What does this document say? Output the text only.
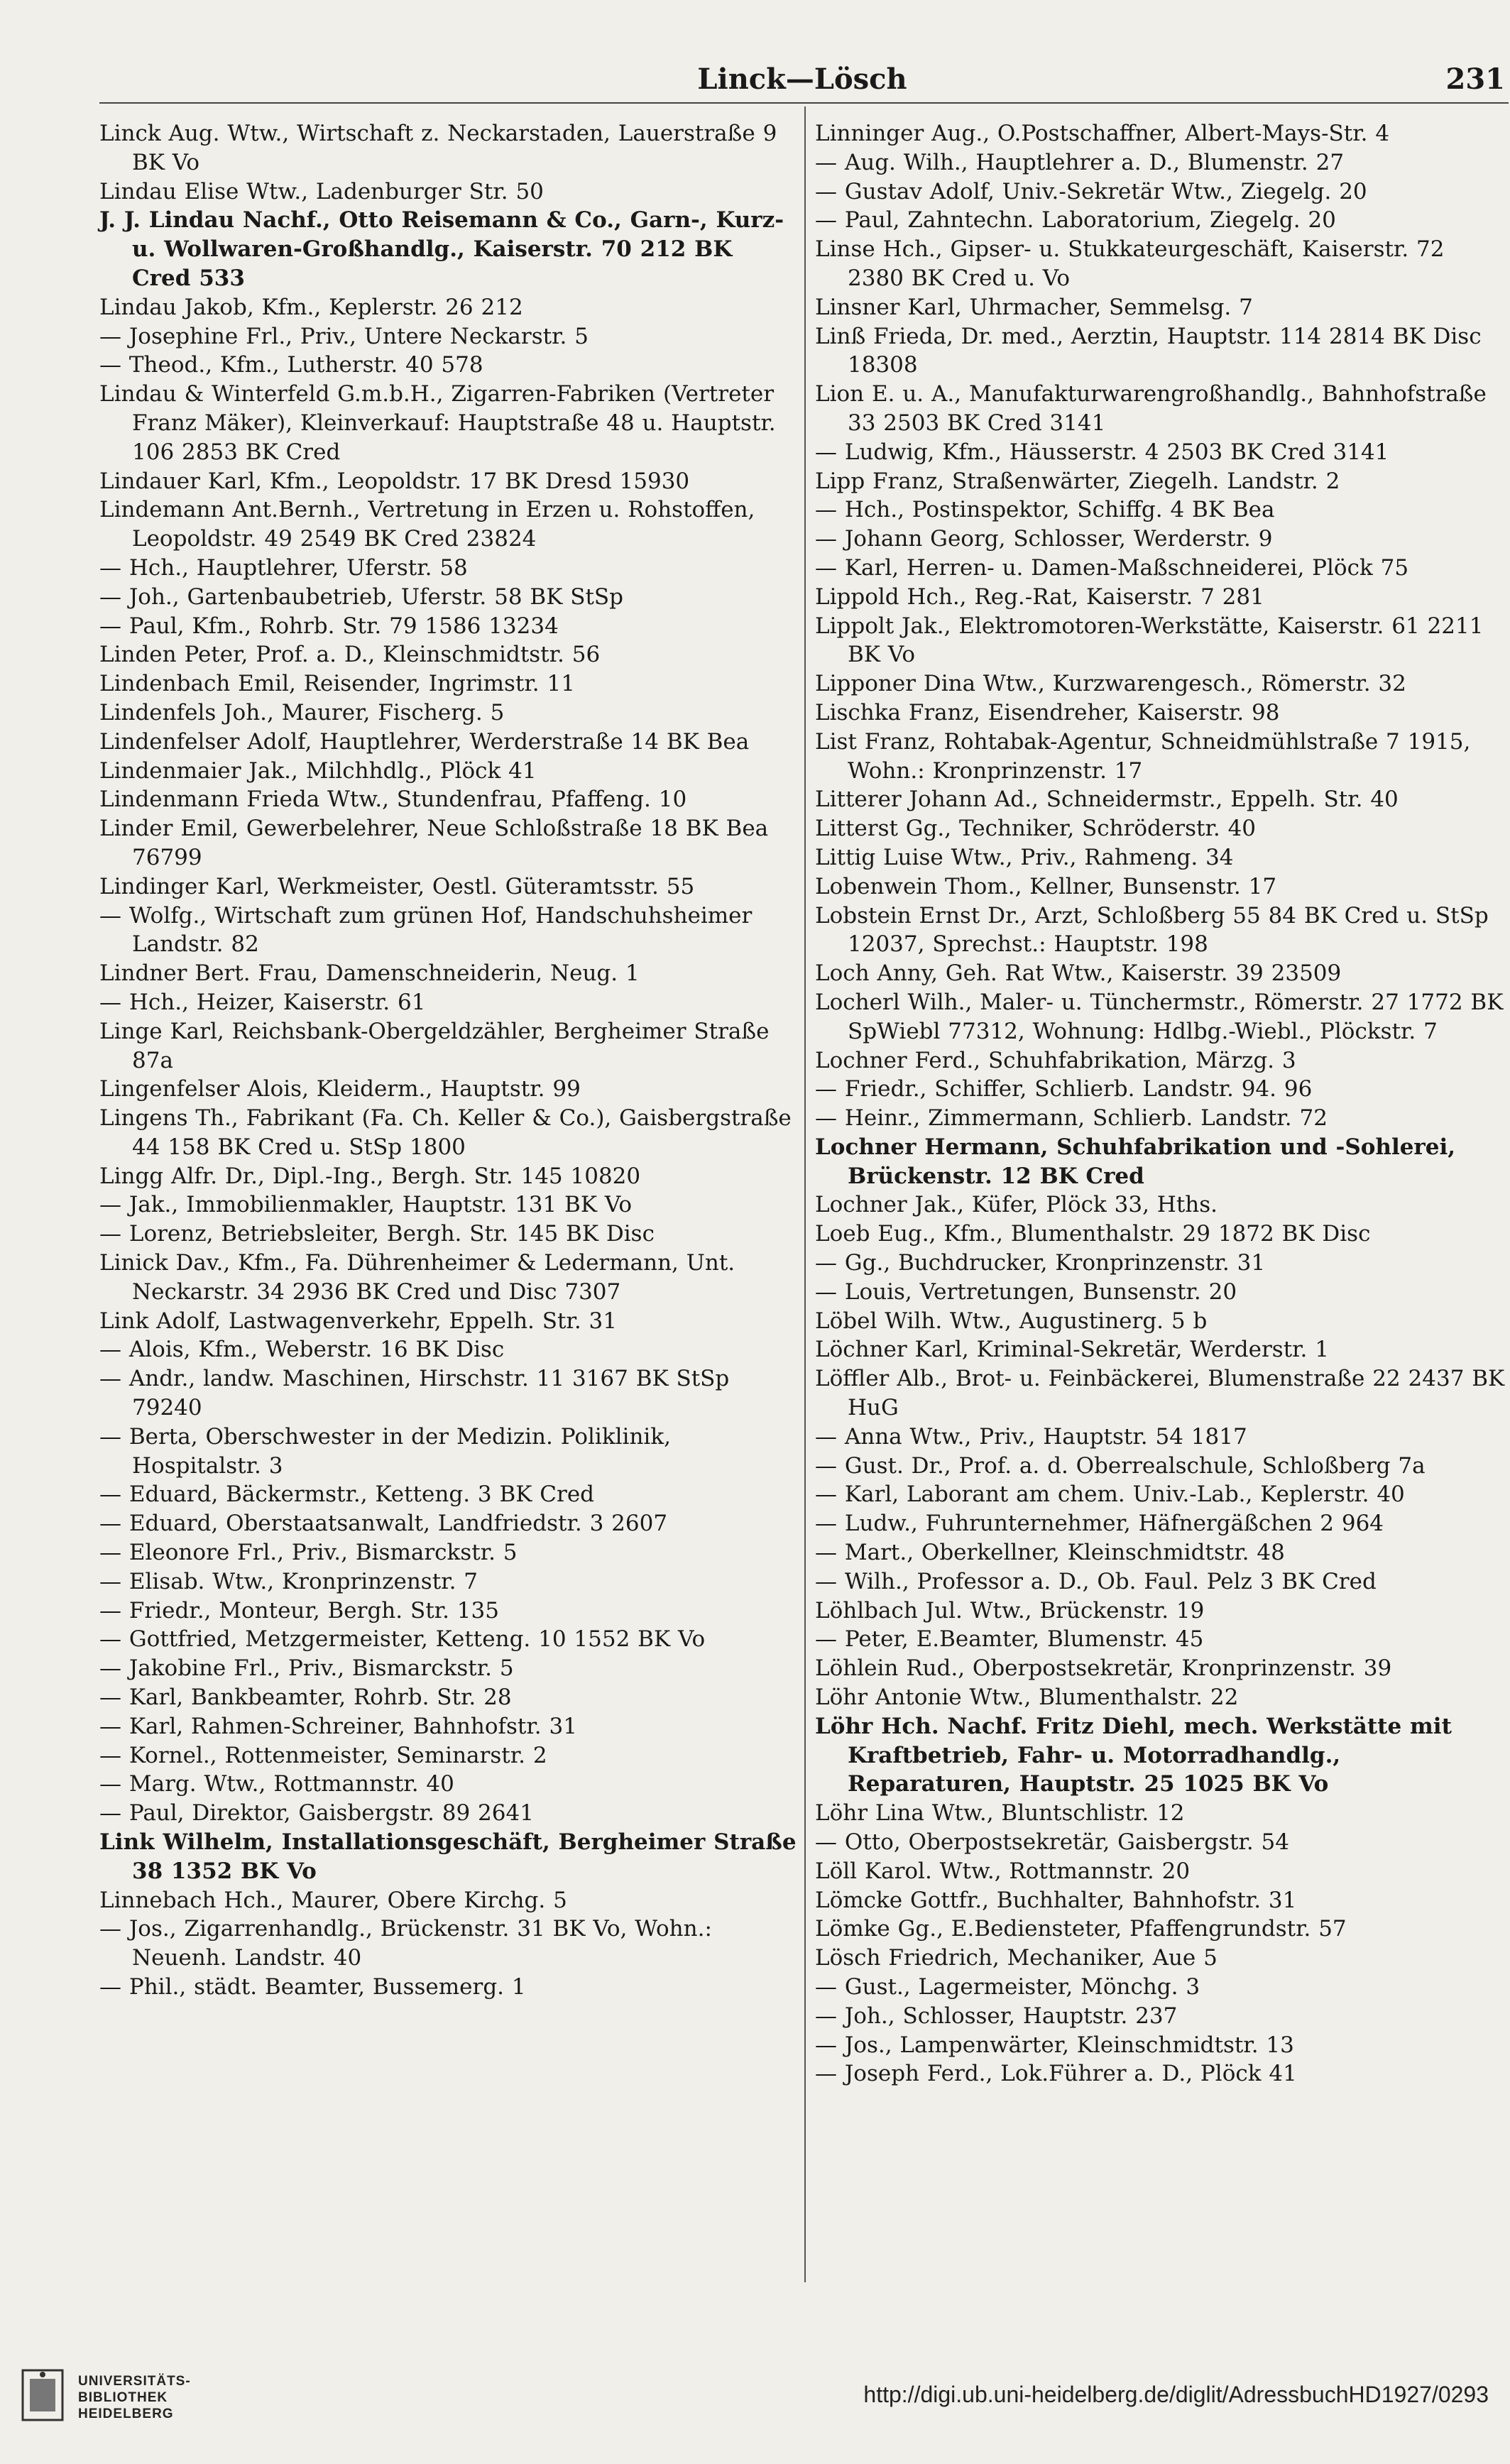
Linck—Lösch	231
Linck Aug. Wtw., Wirtschaft z. Neckarstaden, Lauerstraße 9 BK Vo
Lindau Elise Wtw., Ladenburger Str. 50
J. J. Lindau Nachf., Otto Reisemann & Co., Garn-, Kurz- u. Wollwaren-Großhandlg., Kaiserstr. 70 212 BK Cred 533
Lindau Jakob, Kfm., Keplerstr. 26 212
— Josephine Frl., Priv., Untere Neckarstr. 5
— Theod., Kfm., Lutherstr. 40 578
Lindau & Winterfeld G.m.b.H., Zigarren-Fabriken (Vertreter Franz Mäker), Kleinverkauf: Hauptstraße 48 u. Hauptstr. 106 2853 BK Cred
Lindauer Karl, Kfm., Leopoldstr. 17 BK Dresd 15930
Lindemann Ant.Bernh., Vertretung in Erzen u. Rohstoffen, Leopoldstr. 49 2549 BK Cred 23824
— Hch., Hauptlehrer, Uferstr. 58
— Joh., Gartenbaubetrieb, Uferstr. 58 BK StSp
— Paul, Kfm., Rohrb. Str. 79 1586 13234
Linden Peter, Prof. a. D., Kleinschmidtstr. 56
Lindenbach Emil, Reisender, Ingrimstr. 11
Lindenfels Joh., Maurer, Fischerg. 5
Lindenfelser Adolf, Hauptlehrer, Werderstraße 14 BK Bea
Lindenmaier Jak., Milchhdlg., Plöck 41
Lindenmann Frieda Wtw., Stundenfrau, Pfaffeng. 10
Linder Emil, Gewerbelehrer, Neue Schloßstraße 18 BK Bea 76799
Lindinger Karl, Werkmeister, Oestl. Güteramtsstr. 55
— Wolfg., Wirtschaft zum grünen Hof, Handschuhsheimer Landstr. 82
Lindner Bert. Frau, Damenschneiderin, Neug. 1
— Hch., Heizer, Kaiserstr. 61
Linge Karl, Reichsbank-Obergeldzähler, Bergheimer Straße 87a
Lingenfelser Alois, Kleiderm., Hauptstr. 99
Lingens Th., Fabrikant (Fa. Ch. Keller & Co.), Gaisbergstraße 44 158 BK Cred u. StSp 1800
Lingg Alfr. Dr., Dipl.-Ing., Bergh. Str. 145 10820
— Jak., Immobilienmakler, Hauptstr. 131 BK Vo
— Lorenz, Betriebsleiter, Bergh. Str. 145 BK Disc
Linick Dav., Kfm., Fa. Dührenheimer & Ledermann, Unt. Neckarstr. 34 2936 BK Cred und Disc 7307
Link Adolf, Lastwagenverkehr, Eppelh. Str. 31
— Alois, Kfm., Weberstr. 16 BK Disc
— Andr., landw. Maschinen, Hirschstr. 11 3167 BK StSp 79240
— Berta, Oberschwester in der Medizin. Poliklinik, Hospitalstr. 3
— Eduard, Bäckermstr., Ketteng. 3 BK Cred
— Eduard, Oberstaatsanwalt, Landfriedstr. 3 2607
— Eleonore Frl., Priv., Bismarckstr. 5
— Elisab. Wtw., Kronprinzenstr. 7
— Friedr., Monteur, Bergh. Str. 135
— Gottfried, Metzgermeister, Ketteng. 10 1552 BK Vo
— Jakobine Frl., Priv., Bismarckstr. 5
— Karl, Bankbeamter, Rohrb. Str. 28
— Karl, Rahmen-Schreiner, Bahnhofstr. 31
— Kornel., Rottenmeister, Seminarstr. 2
— Marg. Wtw., Rottmannstr. 40
— Paul, Direktor, Gaisbergstr. 89 2641
Link Wilhelm, Installationsgeschäft, Bergheimer Straße 38 1352 BK Vo
Linnebach Hch., Maurer, Obere Kirchg. 5
— Jos., Zigarrenhandlg., Brückenstr. 31 BK Vo, Wohn.: Neuenh. Landstr. 40
— Phil., städt. Beamter, Bussemerg. 1
Linninger Aug., O.Postschaffner, Albert-Mays-Str. 4
— Aug. Wilh., Hauptlehrer a. D., Blumenstr. 27
— Gustav Adolf, Univ.-Sekretär Wtw., Ziegelg. 20
— Paul, Zahntechn. Laboratorium, Ziegelg. 20
Linse Hch., Gipser- u. Stukkateurgeschäft, Kaiserstr. 72 2380 BK Cred u. Vo
Linsner Karl, Uhrmacher, Semmelsg. 7
Linß Frieda, Dr. med., Aerztin, Hauptstr. 114 2814 BK Disc 18308
Lion E. u. A., Manufakturwarengroßhandlg., Bahnhofstraße 33 2503 BK Cred 3141
— Ludwig, Kfm., Häusserstr. 4 2503 BK Cred 3141
Lipp Franz, Straßenwärter, Ziegelh. Landstr. 2
— Hch., Postinspektor, Schiffg. 4 BK Bea
— Johann Georg, Schlosser, Werderstr. 9
— Karl, Herren- u. Damen-Maßschneiderei, Plöck 75
Lippold Hch., Reg.-Rat, Kaiserstr. 7 281
Lippolt Jak., Elektromotoren-Werkstätte, Kaiserstr. 61 2211 BK Vo
Lipponer Dina Wtw., Kurzwarengesch., Römerstr. 32
Lischka Franz, Eisendreher, Kaiserstr. 98
List Franz, Rohtabak-Agentur, Schneidmühlstraße 7 1915, Wohn.: Kronprinzenstr. 17
Litterer Johann Ad., Schneidermstr., Eppelh. Str. 40
Litterst Gg., Techniker, Schröderstr. 40
Littig Luise Wtw., Priv., Rahmeng. 34
Lobenwein Thom., Kellner, Bunsenstr. 17
Lobstein Ernst Dr., Arzt, Schloßberg 55 84 BK Cred u. StSp 12037, Sprechst.: Hauptstr. 198
Loch Anny, Geh. Rat Wtw., Kaiserstr. 39 23509
Locherl Wilh., Maler- u. Tünchermstr., Römerstr. 27 1772 BK SpWiebl 77312, Wohnung: Hdlbg.-Wiebl., Plöckstr. 7
Lochner Ferd., Schuhfabrikation, Märzg. 3
— Friedr., Schiffer, Schlierb. Landstr. 94. 96
— Heinr., Zimmermann, Schlierb. Landstr. 72
Lochner Hermann, Schuhfabrikation und -Sohlerei, Brückenstr. 12 BK Cred
Lochner Jak., Küfer, Plöck 33, Hths.
Loeb Eug., Kfm., Blumenthalstr. 29 1872 BK Disc
— Gg., Buchdrucker, Kronprinzenstr. 31
— Louis, Vertretungen, Bunsenstr. 20
Löbel Wilh. Wtw., Augustinerg. 5 b
Löchner Karl, Kriminal-Sekretär, Werderstr. 1
Löffler Alb., Brot- u. Feinbäckerei, Blumenstraße 22 2437 BK HuG
— Anna Wtw., Priv., Hauptstr. 54 1817
— Gust. Dr., Prof. a. d. Oberrealschule, Schloßberg 7a
— Karl, Laborant am chem. Univ.-Lab., Keplerstr. 40
— Ludw., Fuhrunternehmer, Häfnergäßchen 2 964
— Mart., Oberkellner, Kleinschmidtstr. 48
— Wilh., Professor a. D., Ob. Faul. Pelz 3 BK Cred
Löhlbach Jul. Wtw., Brückenstr. 19
— Peter, E.Beamter, Blumenstr. 45
Löhlein Rud., Oberpostsekretär, Kronprinzenstr. 39
Löhr Antonie Wtw., Blumenthalstr. 22
Löhr Hch. Nachf. Fritz Diehl, mech. Werkstätte mit Kraftbetrieb, Fahr- u. Motorradhandlg., Reparaturen, Hauptstr. 25 1025 BK Vo
Löhr Lina Wtw., Bluntschlistr. 12
— Otto, Oberpostsekretär, Gaisbergstr. 54
Löll Karol. Wtw., Rottmannstr. 20
Lömcke Gottfr., Buchhalter, Bahnhofstr. 31
Lömke Gg., E.Bediensteter, Pfaffengrundstr. 57
Lösch Friedrich, Mechaniker, Aue 5
— Gust., Lagermeister, Mönchg. 3
— Joh., Schlosser, Hauptstr. 237
— Jos., Lampenwärter, Kleinschmidtstr. 13
— Joseph Ferd., Lok.Führer a. D., Plöck 41
UNIVERSITÄTS-
BIBLIOTHEK
HEIDELBERG
http://digi.ub.uni-heidelberg.de/diglit/AdressbuchHD1927/0293
